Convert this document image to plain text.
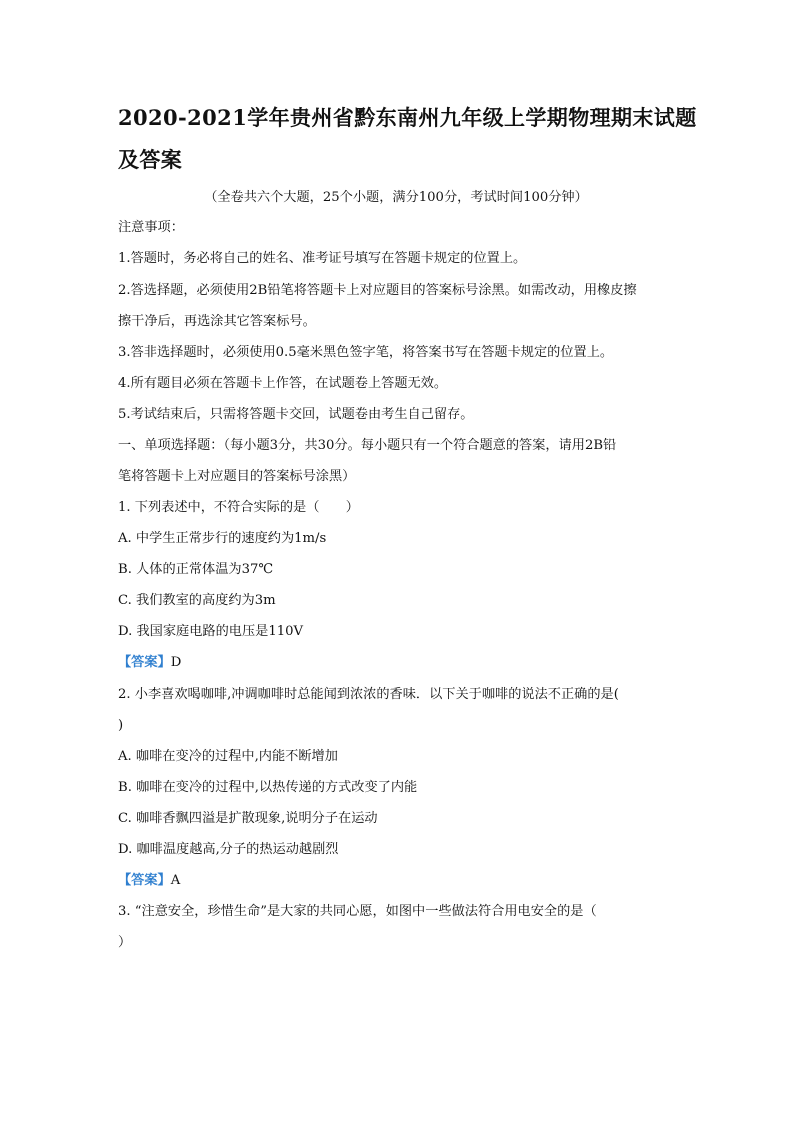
2020-2021学年贵州省黔东南州九年级上学期物理期末试题
及答案
（全卷共六个大题，25个小题，满分100分，考试时间100分钟）
注意事项：
1.答题时，务必将自己的姓名、准考证号填写在答题卡规定的位置上。
2.答选择题，必须使用2B铅笔将答题卡上对应题目的答案标号涂黑。如需改动，用橡皮擦
擦干净后，再选涂其它答案标号。
3.答非选择题时，必须使用0.5毫米黑色签字笔，将答案书写在答题卡规定的位置上。
4.所有题目必须在答题卡上作答，在试题卷上答题无效。
5.考试结束后，只需将答题卡交回，试题卷由考生自己留存。
一、单项选择题：（每小题3分，共30分。每小题只有一个符合题意的答案，请用2B铅
笔将答题卡上对应题目的答案标号涂黑）
1. 下列表述中，不符合实际的是（　　）
A. 中学生正常步行的速度约为1m/s
B. 人体的正常体温为37℃
C. 我们教室的高度约为3m
D. 我国家庭电路的电压是110V
【答案】D
2. 小李喜欢喝咖啡,冲调咖啡时总能闻到浓浓的香味．以下关于咖啡的说法不正确的是(
)
A. 咖啡在变冷的过程中,内能不断增加
B. 咖啡在变冷的过程中,以热传递的方式改变了内能
C. 咖啡香飘四溢是扩散现象,说明分子在运动
D. 咖啡温度越高,分子的热运动越剧烈
【答案】A
3. “注意安全，珍惜生命”是大家的共同心愿，如图中一些做法符合用电安全的是（
）
